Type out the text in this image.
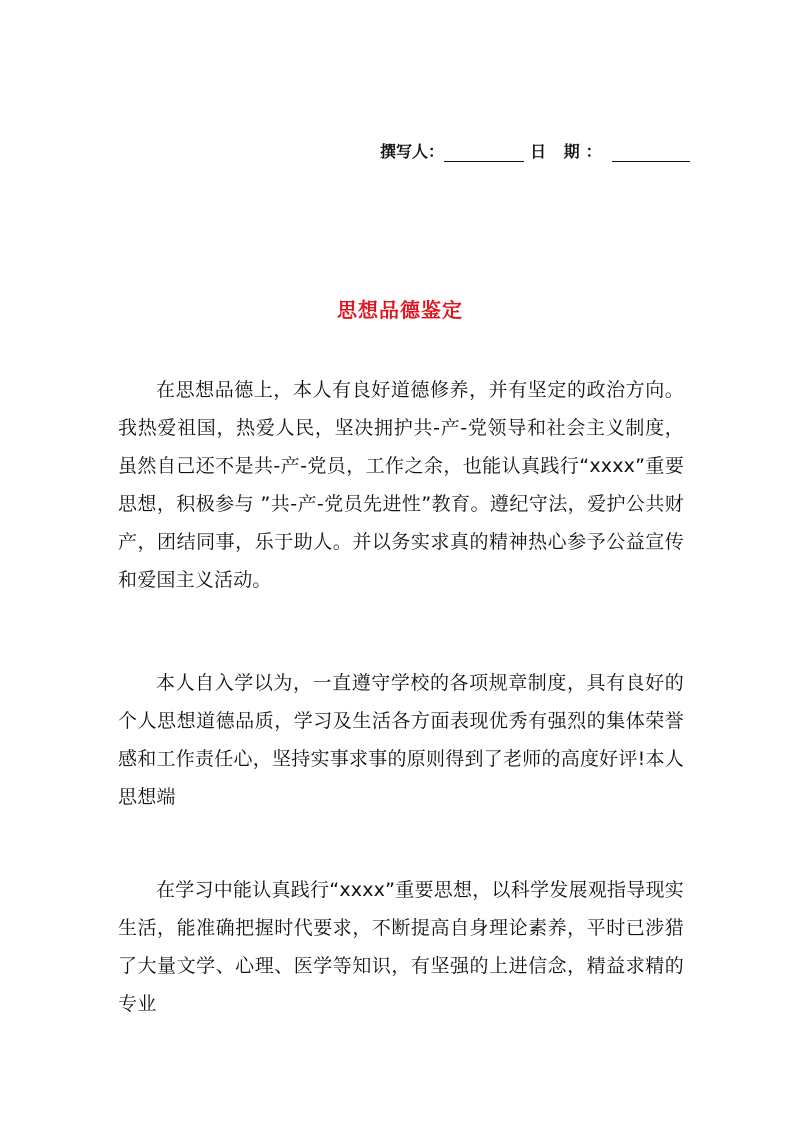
撰写人：	日 期：
思想品德鉴定

在思想品德上，本人有良好道德修养，并有坚定的政治方向。我热爱祖国，热爱人民，坚决拥护共-产-党领导和社会主义制度，虽然自己还不是共-产-党员，工作之余，也能认真践行“xxxx”重要思想，积极参与 ”共-产-党员先进性”教育。遵纪守法，爱护公共财产，团结同事，乐于助人。并以务实求真的精神热心参予公益宣传和爱国主义活动。

本人自入学以为，一直遵守学校的各项规章制度，具有良好的个人思想道德品质，学习及生活各方面表现优秀有强烈的集体荣誉感和工作责任心，坚持实事求事的原则得到了老师的高度好评!本人思想端

在学习中能认真践行“xxxx”重要思想，以科学发展观指导现实生活，能准确把握时代要求，不断提高自身理论素养，平时已涉猎了大量文学、心理、医学等知识，有坚强的上进信念，精益求精的专业
